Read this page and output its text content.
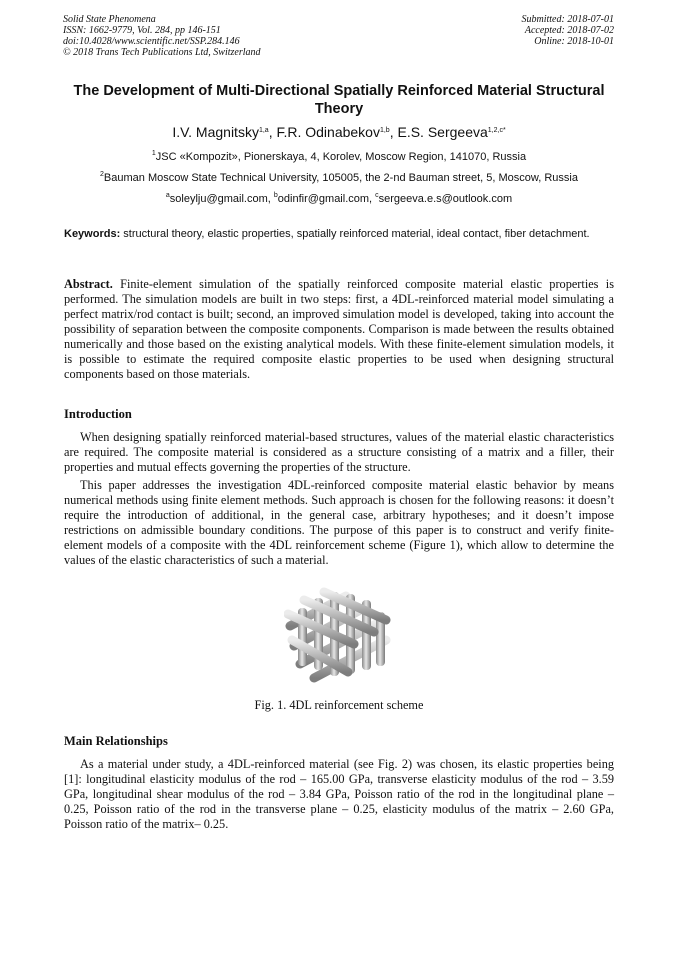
Solid State Phenomena
ISSN: 1662-9779, Vol. 284, pp 146-151
doi:10.4028/www.scientific.net/SSP.284.146
© 2018 Trans Tech Publications Ltd, Switzerland
Submitted: 2018-07-01
Accepted: 2018-07-02
Online: 2018-10-01
The Development of Multi-Directional Spatially Reinforced Material Structural Theory
I.V. Magnitsky$^{1,a}$, F.R. Odinabekov$^{1,b}$, E.S. Sergeeva$^{1,2,c*}$
$^1$JSC «Kompozit», Pionerskaya, 4, Korolev, Moscow Region, 141070, Russia
$^2$Bauman Moscow State Technical University, 105005, the 2-nd Bauman street, 5, Moscow, Russia
$^a$soleylju@gmail.com, $^b$odinfir@gmail.com, $^c$sergeeva.e.s@outlook.com
Keywords: structural theory, elastic properties, spatially reinforced material, ideal contact, fiber detachment.
Abstract. Finite-element simulation of the spatially reinforced composite material elastic properties is performed. The simulation models are built in two steps: first, a 4DL-reinforced material model simulating a perfect matrix/rod contact is built; second, an improved simulation model is developed, taking into account the possibility of separation between the composite components. Comparison is made between the results obtained numerically and those based on the existing analytical models. With these finite-element simulation models, it is possible to estimate the required composite elastic properties to be used when designing structural components based on those materials.
Introduction
When designing spatially reinforced material-based structures, values of the material elastic characteristics are required. The composite material is considered as a structure consisting of a matrix and a filler, their properties and mutual effects governing the properties of the structure.
This paper addresses the investigation 4DL-reinforced composite material elastic behavior by means numerical methods using finite element methods. Such approach is chosen for the following reasons: it doesn’t require the introduction of additional, in the general case, arbitrary hypotheses; and it doesn’t impose restrictions on admissible boundary conditions. The purpose of this paper is to construct and verify finite-element models of a composite with the 4DL reinforcement scheme (Figure 1), which allow to determine the values of the elastic characteristics of such a material.
Fig. 1. 4DL reinforcement scheme
Main Relationships
As a material under study, a 4DL-reinforced material (see Fig. 2) was chosen, its elastic properties being [1]: longitudinal elasticity modulus of the rod – 165.00 GPa, transverse elasticity modulus of the rod – 3.59 GPa, longitudinal shear modulus of the rod – 3.84 GPa, Poisson ratio of the rod in the longitudinal plane – 0.25, Poisson ratio of the rod in the transverse plane – 0.25, elasticity modulus of the matrix – 2.60 GPa, Poisson ratio of the matrix– 0.25.
